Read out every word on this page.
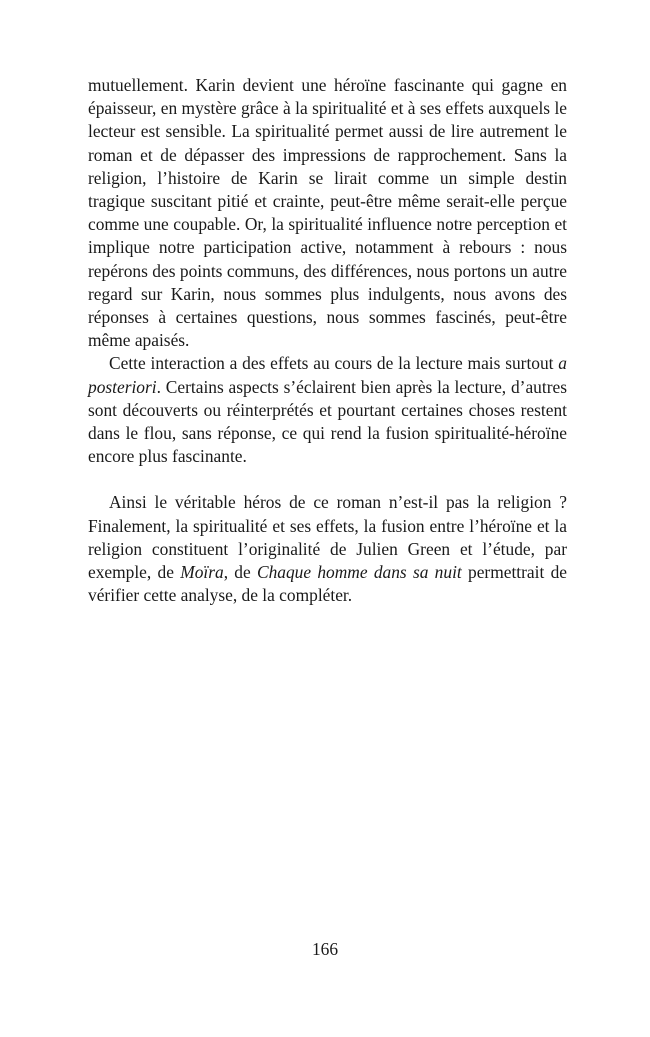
mutuellement. Karin devient une héroïne fascinante qui gagne en épaisseur, en mystère grâce à la spiritualité et à ses effets auxquels le lecteur est sensible. La spiritualité permet aussi de lire autrement le roman et de dépasser des impressions de rapprochement. Sans la religion, l’histoire de Karin se lirait comme un simple destin tragique suscitant pitié et crainte, peut-être même serait-elle perçue comme une coupable. Or, la spiritualité influence notre perception et implique notre participation active, notamment à rebours : nous repérons des points communs, des différences, nous portons un autre regard sur Karin, nous sommes plus indulgents, nous avons des réponses à certaines questions, nous sommes fascinés, peut-être même apaisés.

Cette interaction a des effets au cours de la lecture mais surtout a posteriori. Certains aspects s’éclairent bien après la lecture, d’autres sont découverts ou réinterprétés et pourtant certaines choses restent dans le flou, sans réponse, ce qui rend la fusion spiritualité-héroïne encore plus fascinante.

Ainsi le véritable héros de ce roman n’est-il pas la religion ? Finalement, la spiritualité et ses effets, la fusion entre l’héroïne et la religion constituent l’originalité de Julien Green et l’étude, par exemple, de Moïra, de Chaque homme dans sa nuit permettrait de vérifier cette analyse, de la compléter.

166
